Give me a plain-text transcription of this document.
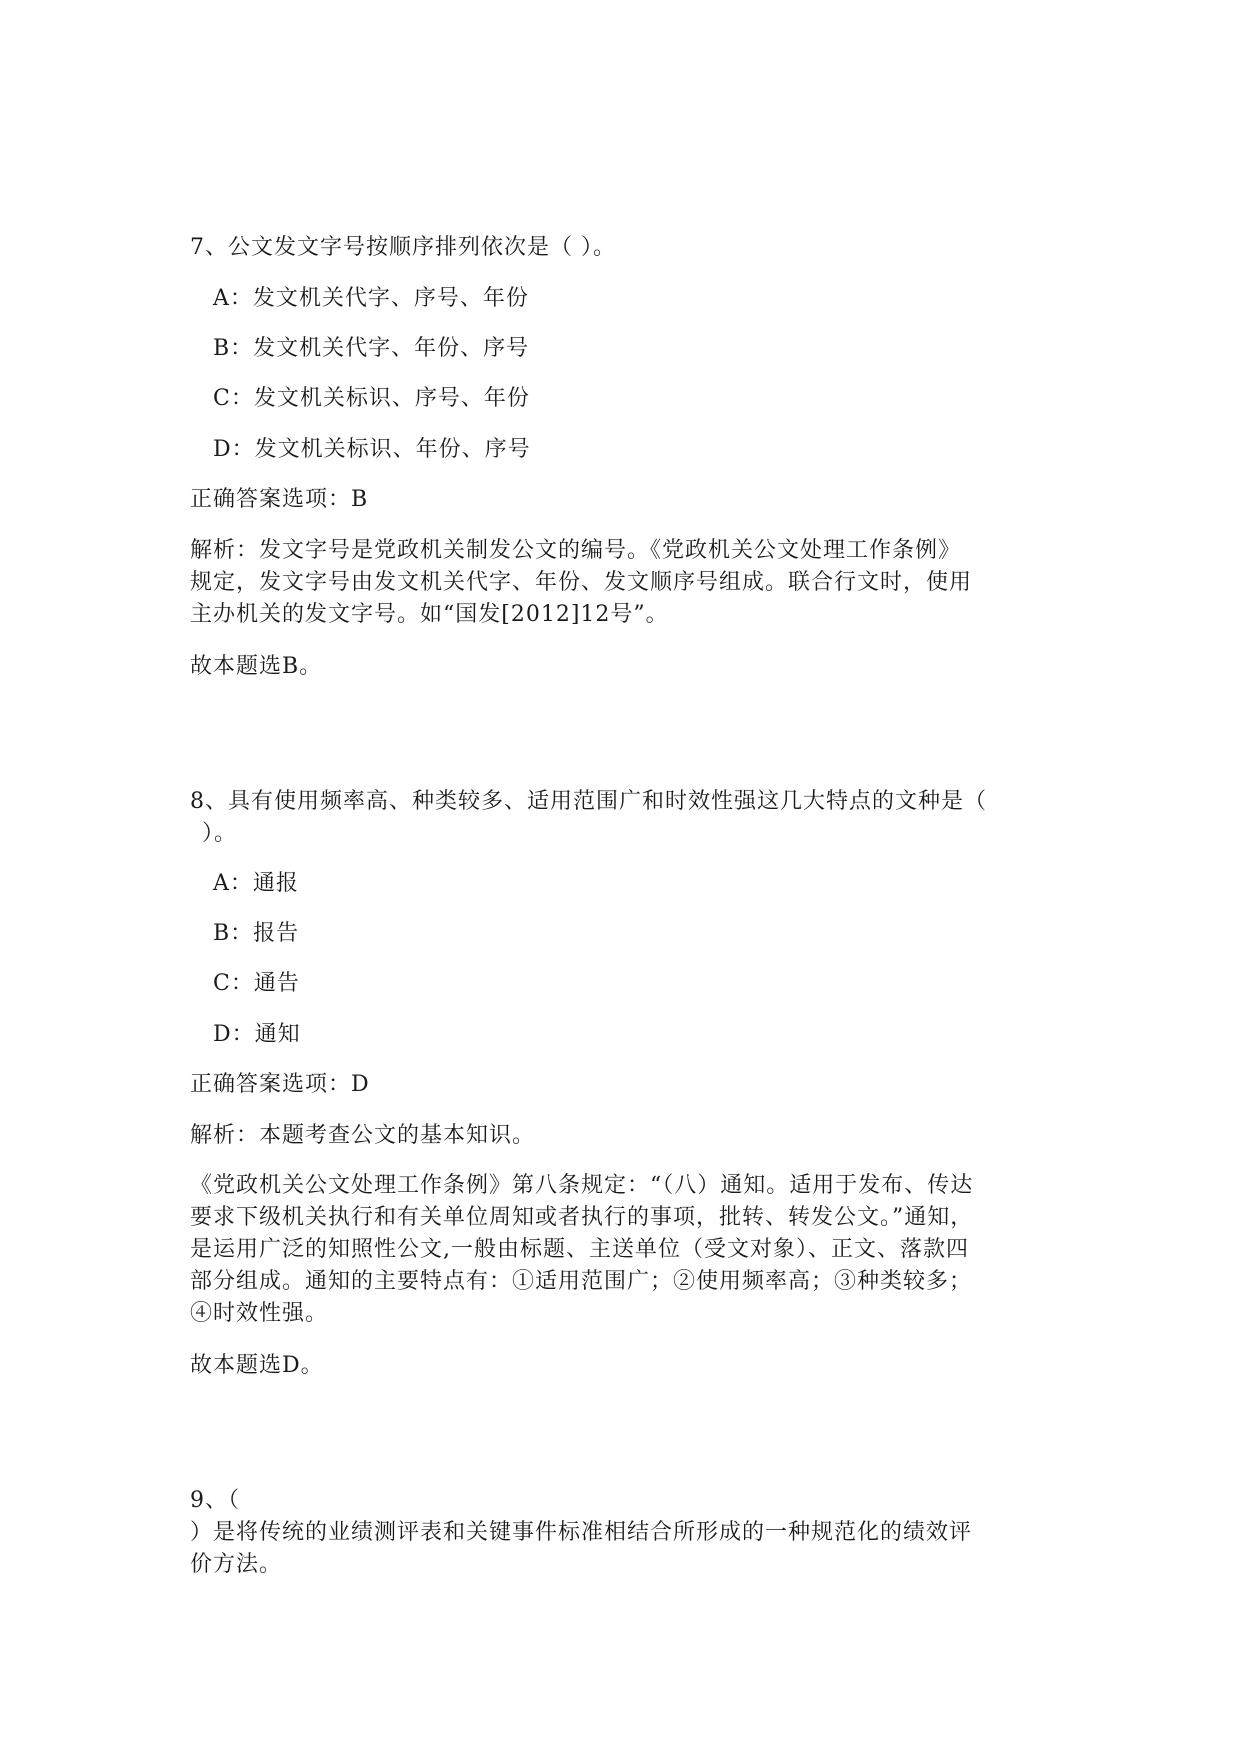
7、公文发文字号按顺序排列依次是（ ）。
A：发文机关代字、序号、年份
B：发文机关代字、年份、序号
C：发文机关标识、序号、年份
D：发文机关标识、年份、序号
正确答案选项：B
解析：发文字号是党政机关制发公文的编号。《党政机关公文处理工作条例》
规定，发文字号由发文机关代字、年份、发文顺序号组成。联合行文时，使用
主办机关的发文字号。如“国发[2012]12号”。
故本题选B。
8、具有使用频率高、种类较多、适用范围广和时效性强这几大特点的文种是（
）。
A：通报
B：报告
C：通告
D：通知
正确答案选项：D
解析：本题考查公文的基本知识。
《党政机关公文处理工作条例》第八条规定：“（八）通知。适用于发布、传达
要求下级机关执行和有关单位周知或者执行的事项，批转、转发公文。”通知，
是运用广泛的知照性公文,一般由标题、主送单位（受文对象）、正文、落款四
部分组成。通知的主要特点有：①适用范围广；②使用频率高；③种类较多；
④时效性强。
故本题选D。
9、（
）是将传统的业绩测评表和关键事件标准相结合所形成的一种规范化的绩效评
价方法。
